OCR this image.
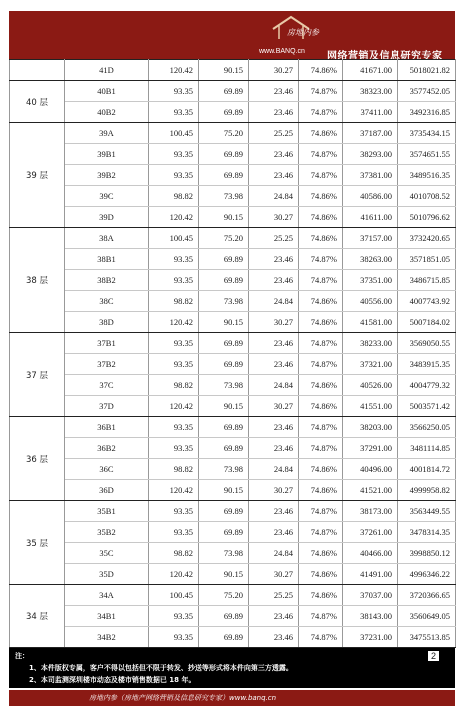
房地内参
www.BANQ.cn 网络营销及信息研究专家
	41D	120.42	90.15	30.27	74.86%	41671.00	5018021.82
40 层	40B1	93.35	69.89	23.46	74.87%	38323.00	3577452.05
	40B2	93.35	69.89	23.46	74.87%	37411.00	3492316.85
39 层	39A	100.45	75.20	25.25	74.86%	37187.00	3735434.15
	39B1	93.35	69.89	23.46	74.87%	38293.00	3574651.55
	39B2	93.35	69.89	23.46	74.87%	37381.00	3489516.35
	39C	98.82	73.98	24.84	74.86%	40586.00	4010708.52
	39D	120.42	90.15	30.27	74.86%	41611.00	5010796.62
38 层	38A	100.45	75.20	25.25	74.86%	37157.00	3732420.65
	38B1	93.35	69.89	23.46	74.87%	38263.00	3571851.05
	38B2	93.35	69.89	23.46	74.87%	37351.00	3486715.85
	38C	98.82	73.98	24.84	74.86%	40556.00	4007743.92
	38D	120.42	90.15	30.27	74.86%	41581.00	5007184.02
37 层	37B1	93.35	69.89	23.46	74.87%	38233.00	3569050.55
	37B2	93.35	69.89	23.46	74.87%	37321.00	3483915.35
	37C	98.82	73.98	24.84	74.86%	40526.00	4004779.32
	37D	120.42	90.15	30.27	74.86%	41551.00	5003571.42
36 层	36B1	93.35	69.89	23.46	74.87%	38203.00	3566250.05
	36B2	93.35	69.89	23.46	74.87%	37291.00	3481114.85
	36C	98.82	73.98	24.84	74.86%	40496.00	4001814.72
	36D	120.42	90.15	30.27	74.86%	41521.00	4999958.82
35 层	35B1	93.35	69.89	23.46	74.87%	38173.00	3563449.55
	35B2	93.35	69.89	23.46	74.87%	37261.00	3478314.35
	35C	98.82	73.98	24.84	74.86%	40466.00	3998850.12
	35D	120.42	90.15	30.27	74.86%	41491.00	4996346.22
34 层	34A	100.45	75.20	25.25	74.86%	37037.00	3720366.65
	34B1	93.35	69.89	23.46	74.87%	38143.00	3560649.05
	34B2	93.35	69.89	23.46	74.87%	37231.00	3475513.85
注：
1、本件版权专属，客户不得以包括但不限于转发、抄送等形式将本件向第三方透露。
2、本司监测深圳楼市动态及楼市销售数据已 18 年。
2
房地内参（房地产网络营销及信息研究专家）www.banq.cn
